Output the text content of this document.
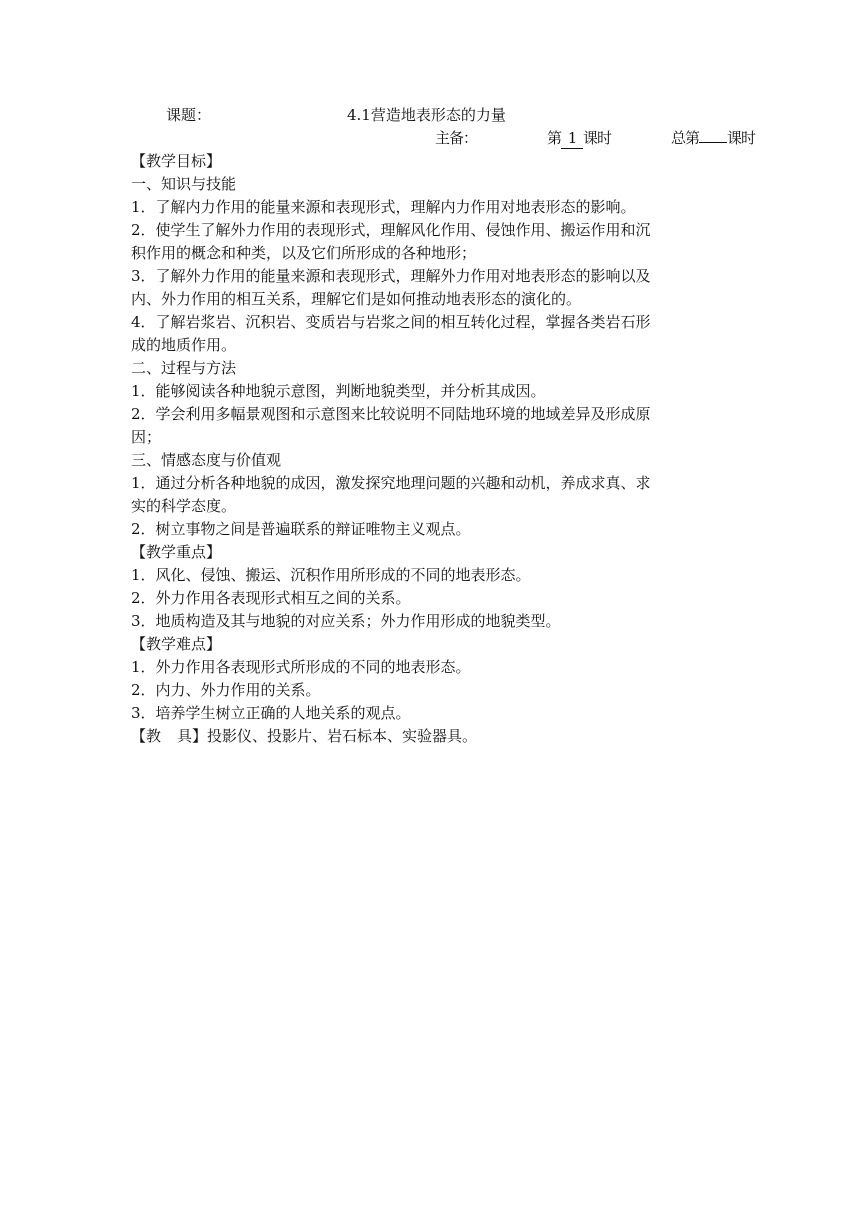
课题：	4.1营造地表形态的力量
主备：	第 1 课时	总第 课时
【教学目标】
一、知识与技能
1．了解内力作用的能量来源和表现形式，理解内力作用对地表形态的影响。
2．使学生了解外力作用的表现形式，理解风化作用、侵蚀作用、搬运作用和沉
积作用的概念和种类，以及它们所形成的各种地形；
3．了解外力作用的能量来源和表现形式，理解外力作用对地表形态的影响以及
内、外力作用的相互关系，理解它们是如何推动地表形态的演化的。
4．了解岩浆岩、沉积岩、变质岩与岩浆之间的相互转化过程，掌握各类岩石形
成的地质作用。
二、过程与方法
1．能够阅读各种地貌示意图，判断地貌类型，并分析其成因。
2．学会利用多幅景观图和示意图来比较说明不同陆地环境的地域差异及形成原
因；
三、情感态度与价值观
1．通过分析各种地貌的成因，激发探究地理问题的兴趣和动机，养成求真、求
实的科学态度。
2．树立事物之间是普遍联系的辩证唯物主义观点。
【教学重点】
1．风化、侵蚀、搬运、沉积作用所形成的不同的地表形态。
2．外力作用各表现形式相互之间的关系。
3．地质构造及其与地貌的对应关系；外力作用形成的地貌类型。
【教学难点】
1．外力作用各表现形式所形成的不同的地表形态。
2．内力、外力作用的关系。
3．培养学生树立正确的人地关系的观点。
【教具】投影仪、投影片、岩石标本、实验器具。
